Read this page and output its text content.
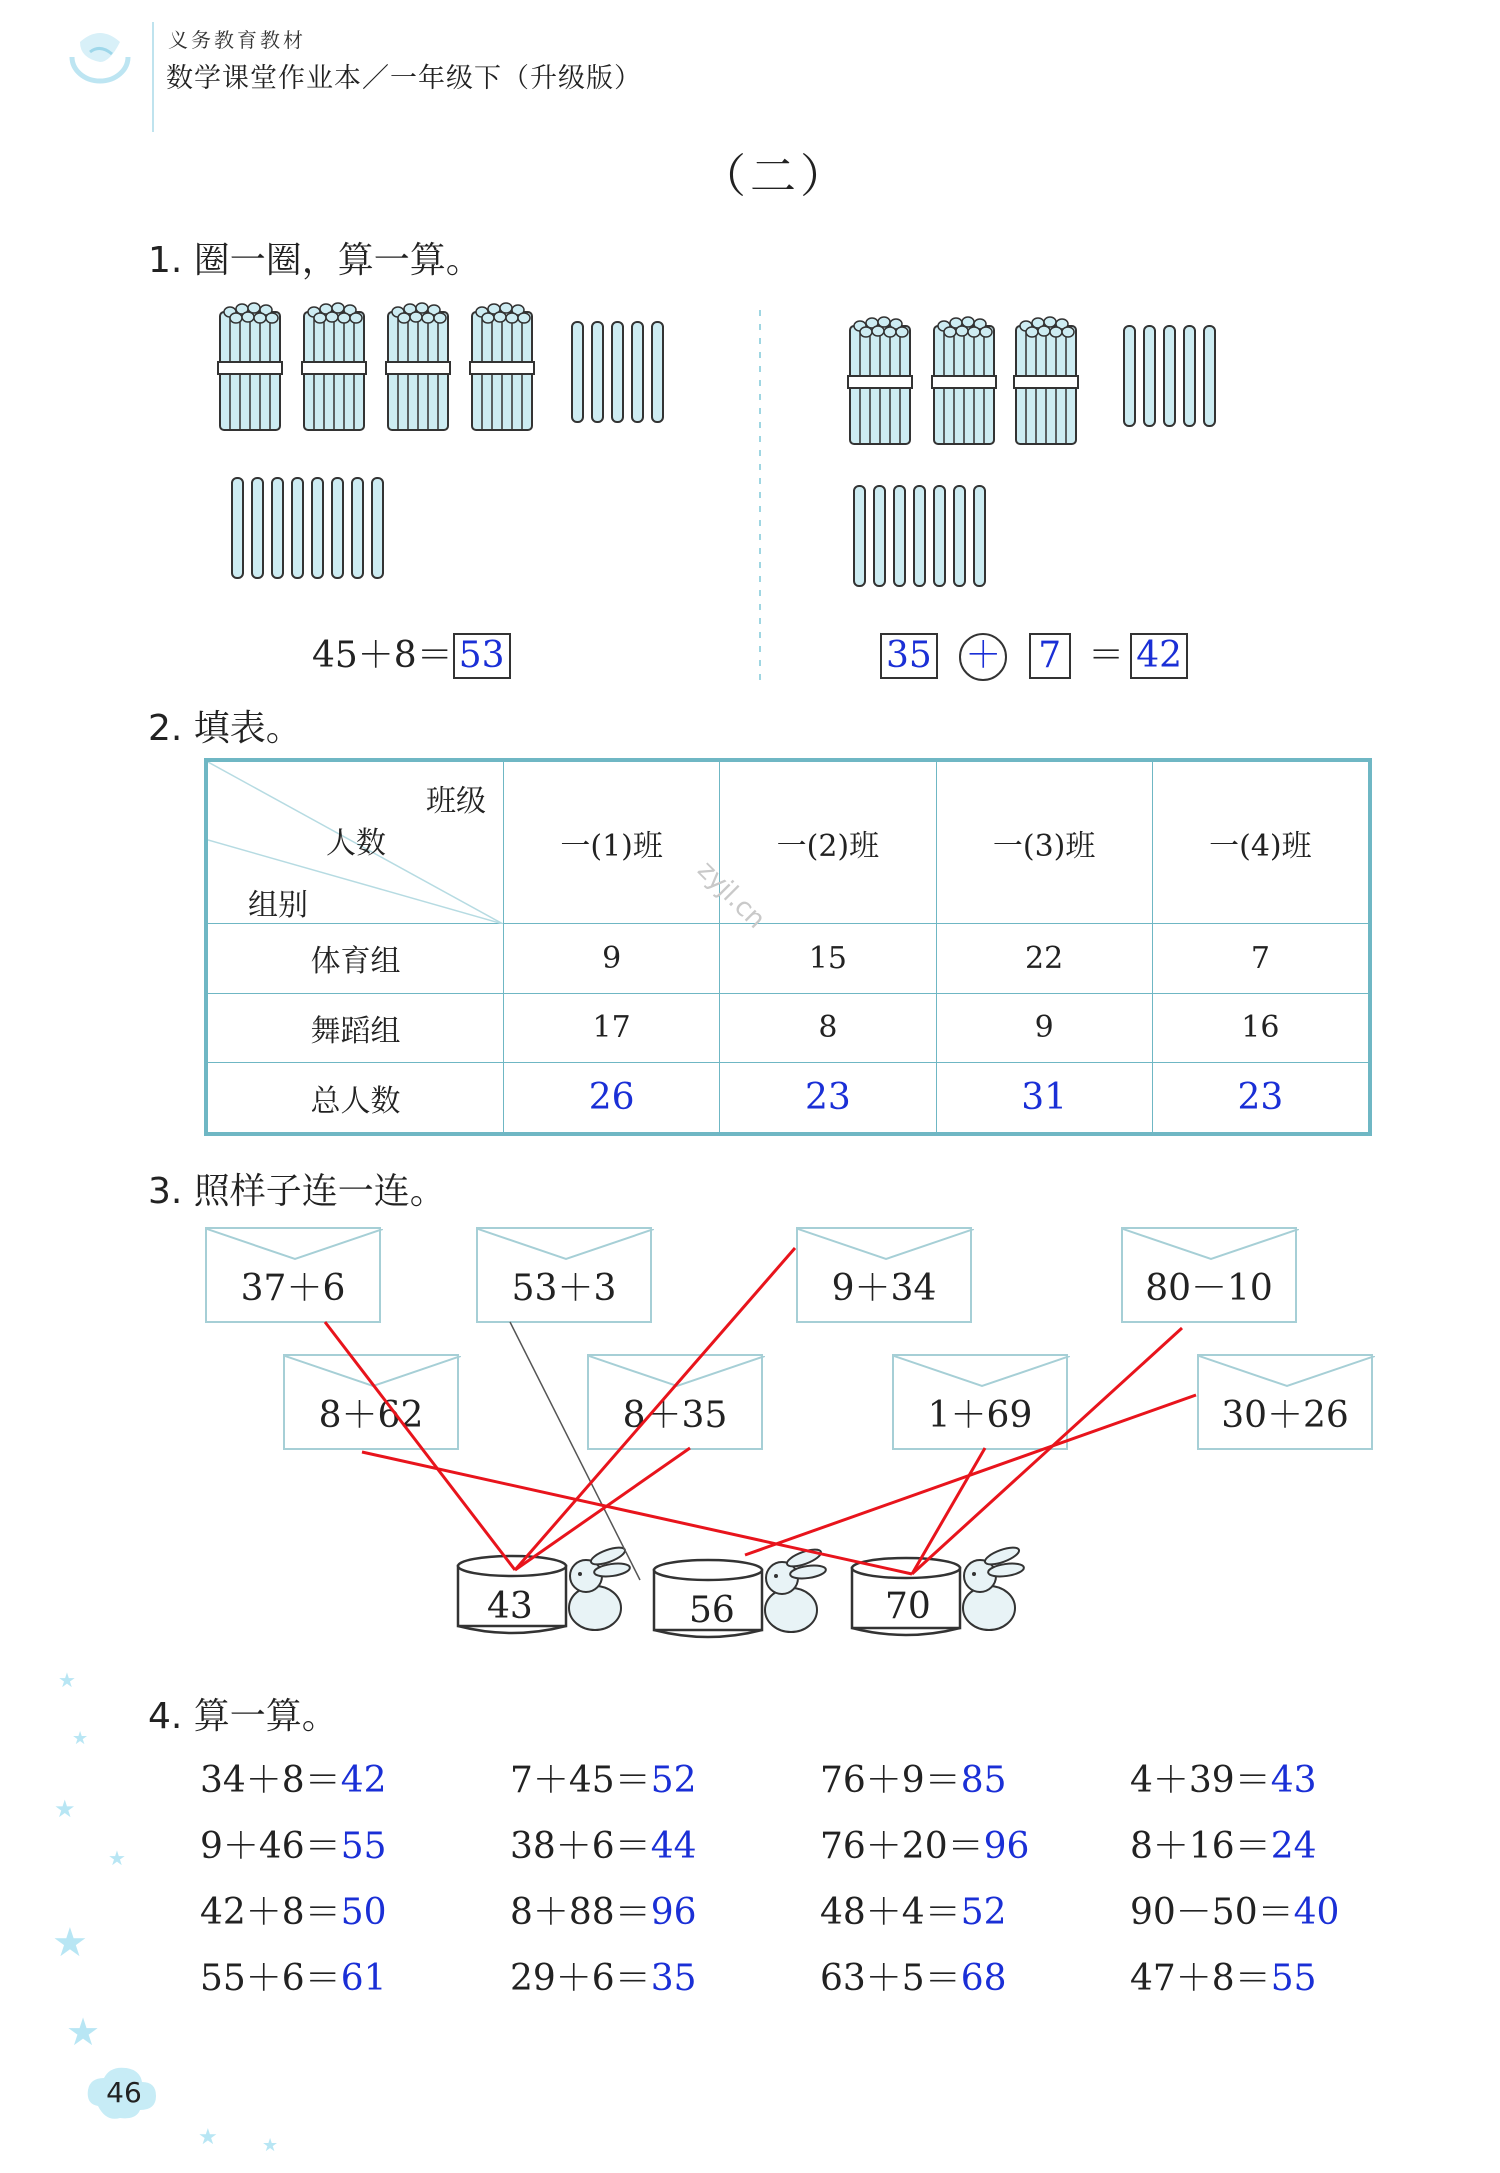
义务教育教材
数学课堂作业本／一年级下（升级版）
（二）
1. 圈一圈，算一算。
45＋8＝ 53	35 ＋ 7 ＝ 42
2. 填表。
班级
人数
组别	一(1)班	一(2)班	一(3)班	一(4)班
体育组	9	15	22	7
舞蹈组	17	8	9	16
总人数	26	23	31	23
zyjl.cn
3. 照样子连一连。
37＋6	53＋3	9＋34	80－10
8＋62	8＋35	1＋69	30＋26
43	56	70
4. 算一算。
34＋8＝42	7＋45＝52	76＋9＝85	4＋39＝43
9＋46＝55	38＋6＝44	76＋20＝96	8＋16＝24
42＋8＝50	8＋88＝96	48＋4＝52	90－50＝40
55＋6＝61	29＋6＝35	63＋5＝68	47＋8＝55
★
★
★
★
★
★
★ ★
46
